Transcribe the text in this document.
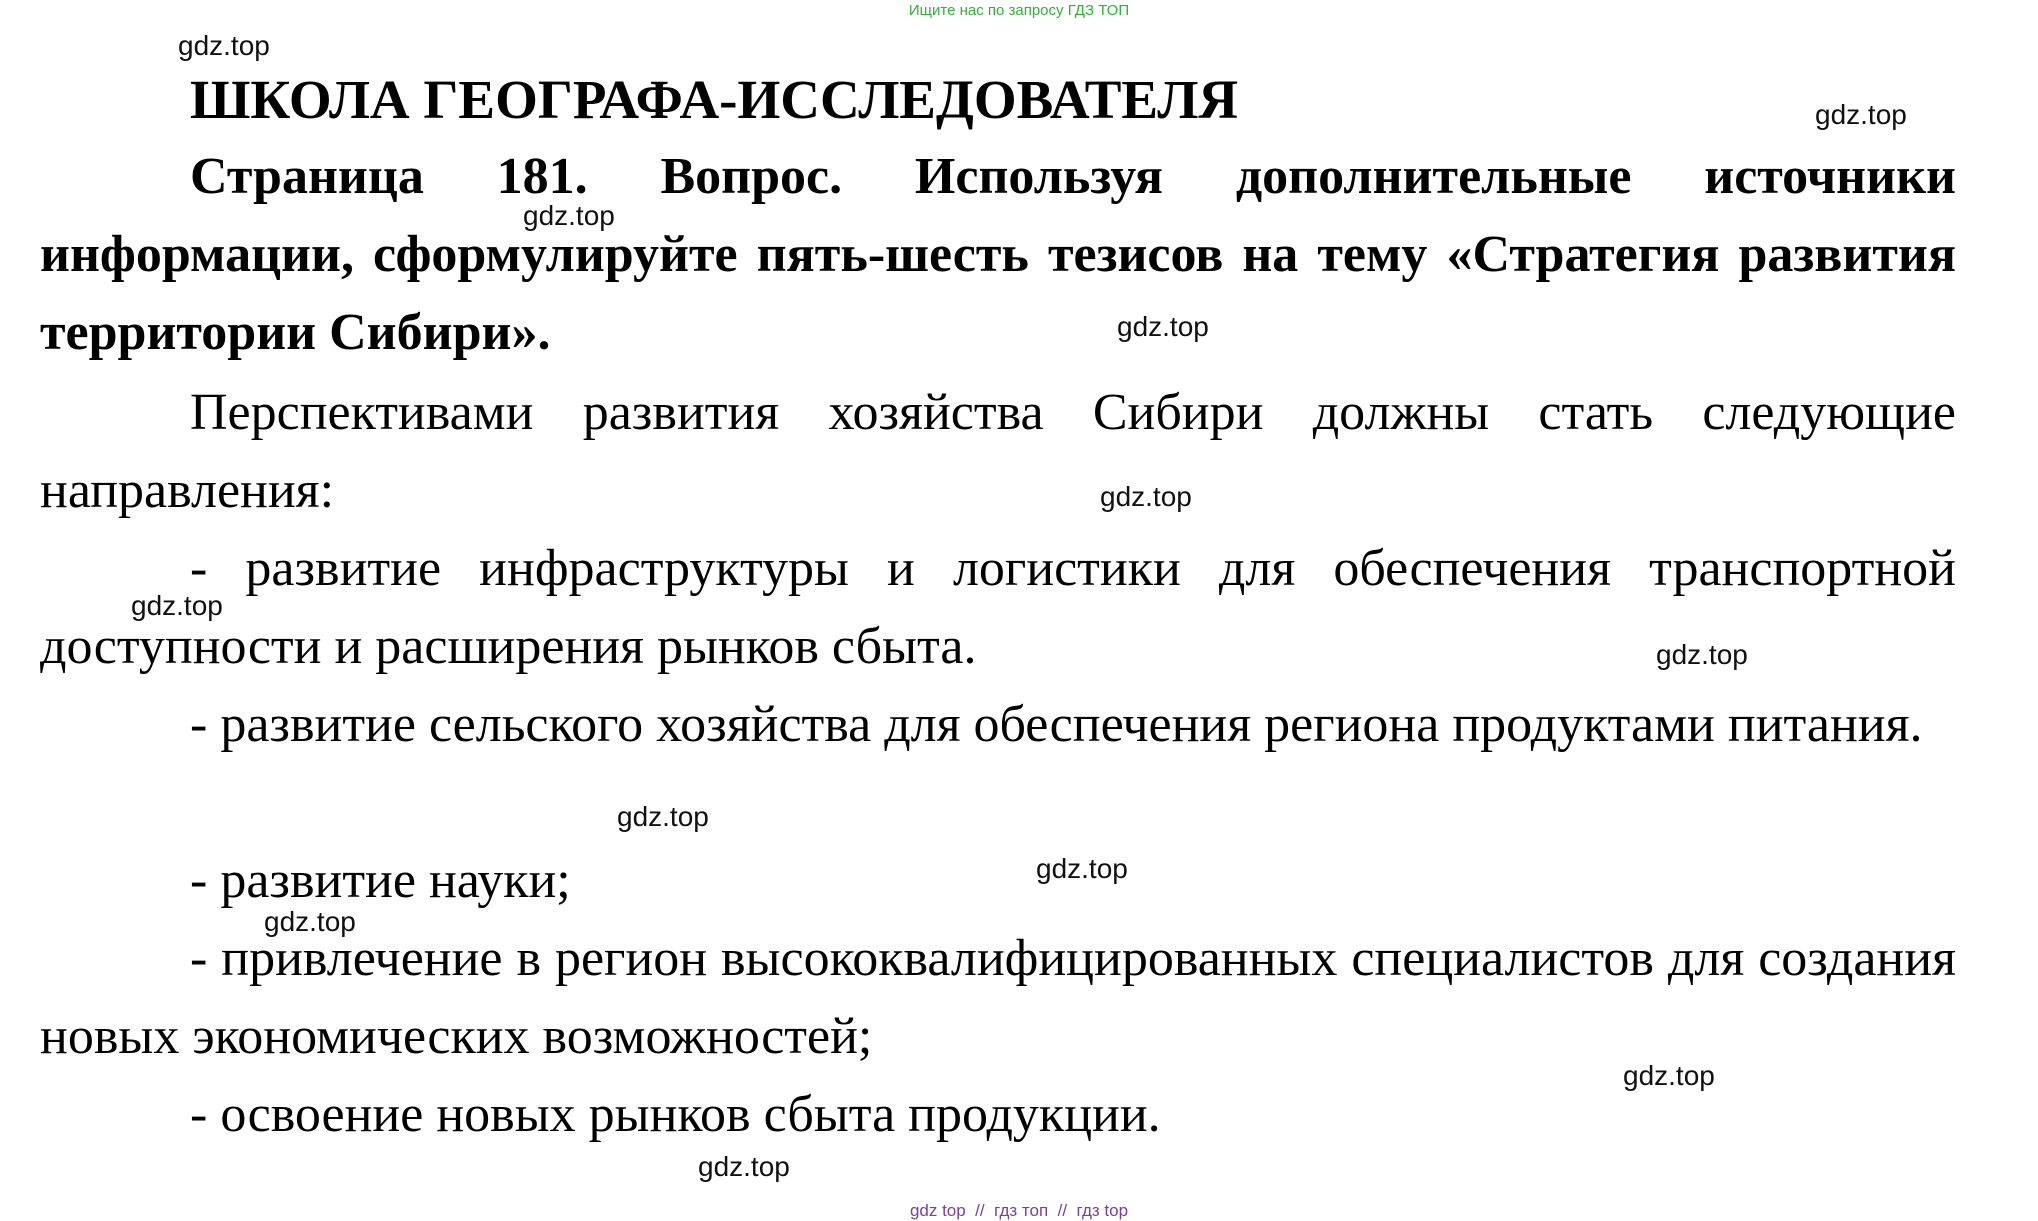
Ищите нас по запросу ГДЗ ТОП
gdz.top
gdz.top
gdz.top
gdz.top
gdz.top
gdz.top
gdz.top
gdz.top
gdz.top
gdz.top
gdz.top
gdz.top
ШКОЛА ГЕОГРАФА-ИССЛЕДОВАТЕЛЯ

Страница 181. Вопрос. Используя дополнительные источники информации, сформулируйте пять-шесть тезисов на тему «Стратегия развития территории Сибири».

Перспективами развития хозяйства Сибири должны стать следующие направления:

- развитие инфраструктуры и логистики для обеспечения транспортной доступности и расширения рынков сбыта.

- развитие сельского хозяйства для обеспечения региона продуктами питания.

- развитие науки;

- привлечение в регион высококвалифицированных специалистов для создания новых экономических возможностей;

- освоение новых рынков сбыта продукции.

gdz top  //  гдз топ  //  гдз top
